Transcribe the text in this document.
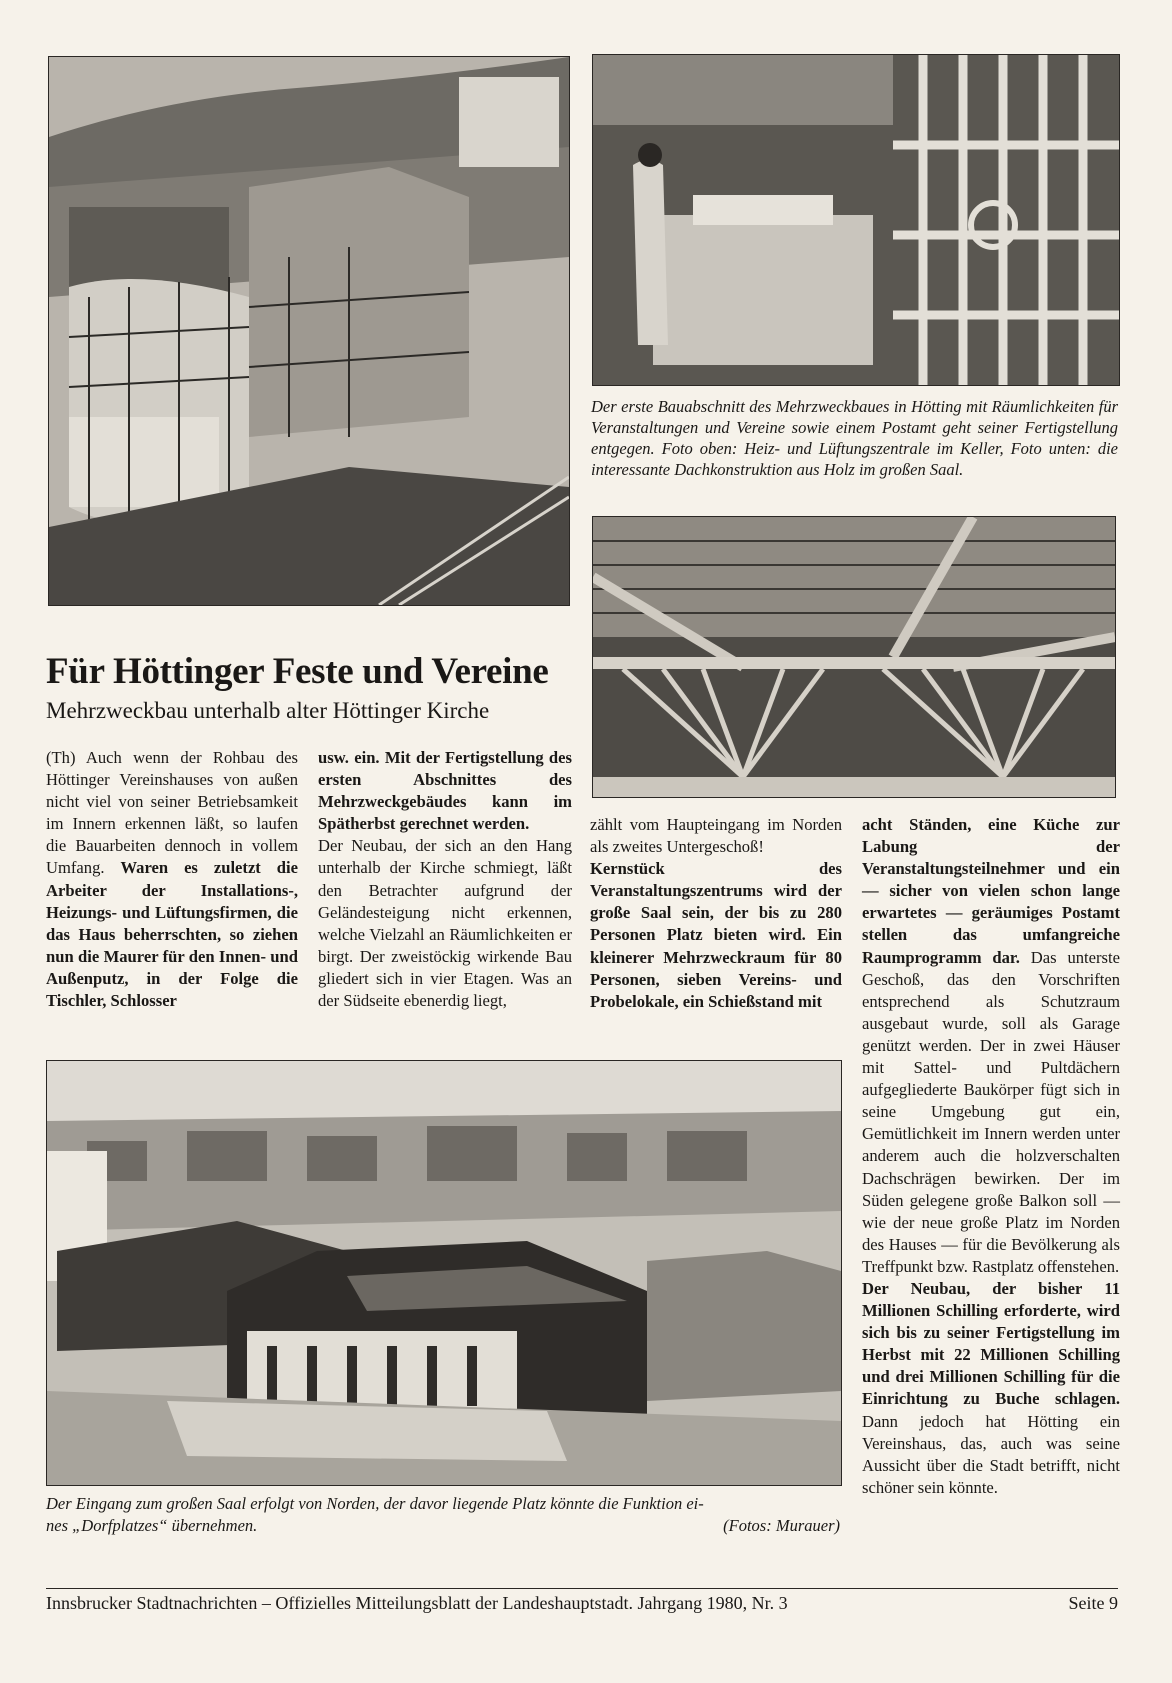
Der erste Bauabschnitt des Mehrzweckbaues in Hötting mit Räumlichkeiten für Veranstaltungen und Vereine sowie einem Postamt geht seiner Fertigstellung entgegen. Foto oben: Heiz- und Lüftungszentrale im Keller, Foto unten: die interessante Dachkonstruktion aus Holz im großen Saal.

Für Höttinger Feste und Vereine
Mehrzweckbau unterhalb alter Höttinger Kirche

(Th) Auch wenn der Rohbau des Höttinger Vereinshauses von außen nicht viel von seiner Betriebsamkeit im Innern erkennen läßt, so laufen die Bauarbeiten dennoch in vollem Umfang. Waren es zuletzt die Arbeiter der Installations-, Heizungs- und Lüftungsfirmen, die das Haus beherrschten, so ziehen nun die Maurer für den Innen- und Außenputz, in der Folge die Tischler, Schlosser

usw. ein. Mit der Fertigstellung des ersten Abschnittes des Mehrzweckgebäudes kann im Spätherbst gerechnet werden.
Der Neubau, der sich an den Hang unterhalb der Kirche schmiegt, läßt den Betrachter aufgrund der Geländesteigung nicht erkennen, welche Vielzahl an Räumlichkeiten er birgt. Der zweistöckig wirkende Bau gliedert sich in vier Etagen. Was an der Südseite ebenerdig liegt,
zählt vom Haupteingang im Norden als zweites Untergeschoß!
Kernstück des Veranstaltungszentrums wird der große Saal sein, der bis zu 280 Personen Platz bieten wird. Ein kleinerer Mehrzweckraum für 80 Personen, sieben Vereins- und Probelokale, ein Schießstand mit
acht Ständen, eine Küche zur Labung der Veranstaltungsteilnehmer und ein — sicher von vielen schon lange erwartetes — geräumiges Postamt stellen das umfangreiche Raumprogramm dar. Das unterste Geschoß, das den Vorschriften entsprechend als Schutzraum ausgebaut wurde, soll als Garage genützt werden. Der in zwei Häuser mit Sattel- und Pultdächern aufgegliederte Baukörper fügt sich in seine Umgebung gut ein, Gemütlichkeit im Innern werden unter anderem auch die holzverschalten Dachschrägen bewirken. Der im Süden gelegene große Balkon soll — wie der neue große Platz im Norden des Hauses — für die Bevölkerung als Treffpunkt bzw. Rastplatz offenstehen.
Der Neubau, der bisher 11 Millionen Schilling erforderte, wird sich bis zu seiner Fertigstellung im Herbst mit 22 Millionen Schilling und drei Millionen Schilling für die Einrichtung zu Buche schlagen. Dann jedoch hat Hötting ein Vereinshaus, das, auch was seine Aussicht über die Stadt betrifft, nicht schöner sein könnte.

Der Eingang zum großen Saal erfolgt von Norden, der davor liegende Platz könnte die Funktion ei-

nes „Dorfplatzes“ übernehmen.	(Fotos: Murauer)

Innsbrucker Stadtnachrichten – Offizielles Mitteilungsblatt der Landeshauptstadt. Jahrgang 1980, Nr. 3	Seite 9
